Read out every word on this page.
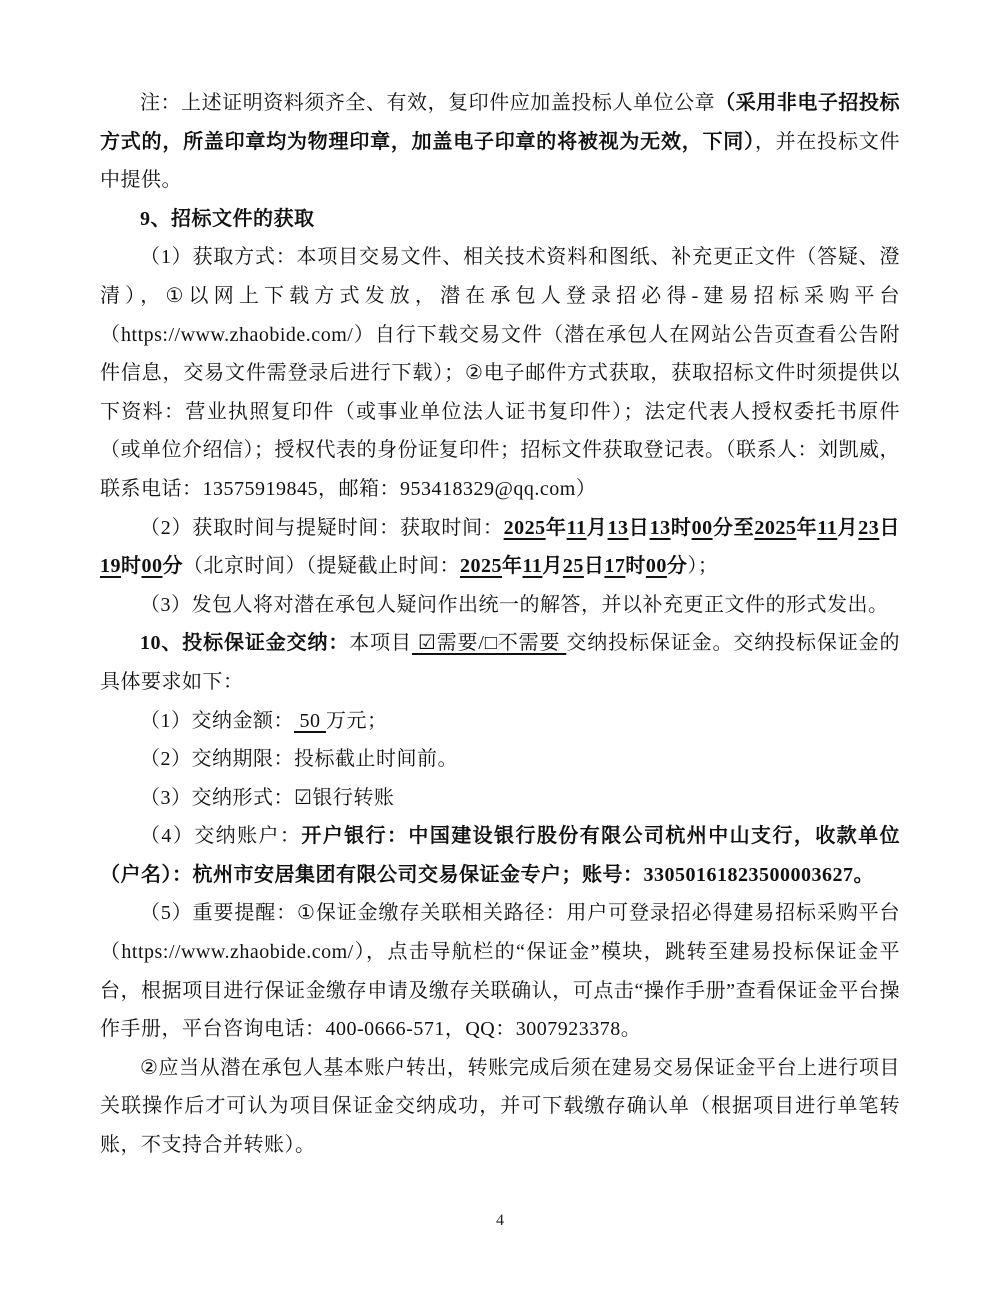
注：上述证明资料须齐全、有效，复印件应加盖投标人单位公章（采用非电子招投标方式的，所盖印章均为物理印章，加盖电子印章的将被视为无效，下同），并在投标文件中提供。

9、招标文件的获取

（1）获取方式：本项目交易文件、相关技术资料和图纸、补充更正文件（答疑、澄清），①以网上下载方式发放，潜在承包人登录招必得-建易招标采购平台（https://www.zhaobide.com/）自行下载交易文件（潜在承包人在网站公告页查看公告附件信息，交易文件需登录后进行下载）；②电子邮件方式获取，获取招标文件时须提供以下资料：营业执照复印件（或事业单位法人证书复印件）；法定代表人授权委托书原件（或单位介绍信）；授权代表的身份证复印件；招标文件获取登记表。（联系人：刘凯威，联系电话：13575919845，邮箱：953418329@qq.com）

（2）获取时间与提疑时间：获取时间：2025年11月13日13时00分至2025年11月23日19时00分（北京时间）（提疑截止时间：2025年11月25日17时00分）；

（3）发包人将对潜在承包人疑问作出统一的解答，并以补充更正文件的形式发出。

10、投标保证金交纳：本项目 ☑需要/□不需要 交纳投标保证金。交纳投标保证金的具体要求如下：

（1）交纳金额： 50 万元；

（2）交纳期限：投标截止时间前。

（3）交纳形式：☑银行转账

（4）交纳账户：开户银行：中国建设银行股份有限公司杭州中山支行，收款单位（户名）：杭州市安居集团有限公司交易保证金专户；账号：33050161823500003627。

（5）重要提醒：①保证金缴存关联相关路径：用户可登录招必得建易招标采购平台（https://www.zhaobide.com/），点击导航栏的“保证金”模块，跳转至建易投标保证金平台，根据项目进行保证金缴存申请及缴存关联确认，可点击“操作手册”查看保证金平台操作手册，平台咨询电话：400-0666-571，QQ：3007923378。

②应当从潜在承包人基本账户转出，转账完成后须在建易交易保证金平台上进行项目关联操作后才可认为项目保证金交纳成功，并可下载缴存确认单（根据项目进行单笔转账，不支持合并转账）。

4
